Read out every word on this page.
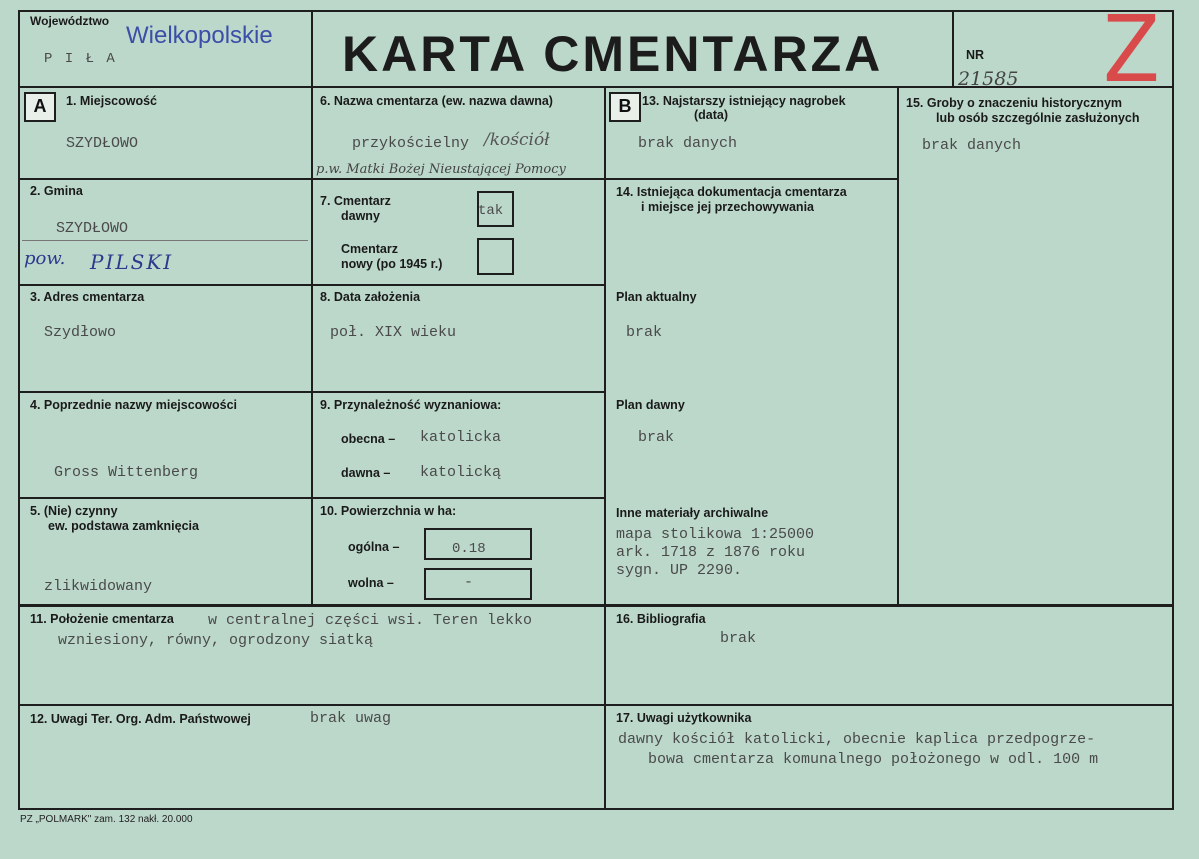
Województwo
Wielkopolskie
P I Ł A	KARTA CMENTARZA	NR
21585 Z
A	1. Miejscowość
SZYDŁOWO
2. Gmina
SZYDŁOWO
pow. PILSKI
3. Adres cmentarza
Szydłowo
4. Poprzednie nazwy miejscowości
Gross Wittenberg
5. (Nie) czynny
ew. podstawa zamknięcia
zlikwidowany
6. Nazwa cmentarza (ew. nazwa dawna)
przykościelny /kościół
p.w. Matki Bożej Nieustającej Pomocy
7. Cmentarz
dawny	tak
Cmentarz
nowy (po 1945 r.)
8. Data założenia
poł. XIX wieku
9. Przynależność wyznaniowa:
obecna – katolicka
dawna – katolicką
10. Powierzchnia w ha:
ogólna –	0.18
wolna –	-
11. Położenie cmentarza w centralnej części wsi. Teren lekko
wzniesiony, równy, ogrodzony siatką
12. Uwagi Ter. Org. Adm. Państwowej	brak uwag
B 13. Najstarszy istniejący nagrobek
(data)
brak danych
14. Istniejąca dokumentacja cmentarza
i miejsce jej przechowywania
Plan aktualny
brak
Plan dawny
brak
Inne materiały archiwalne
mapa stolikowa 1:25000
ark. 1718 z 1876 roku
sygn. UP 2290.
15. Groby o znaczeniu historycznym
lub osób szczególnie zasłużonych
brak danych
16. Bibliografia
brak
17. Uwagi użytkownika
dawny kościół katolicki, obecnie kaplica przedpogrze-
bowa cmentarza komunalnego położonego w odl. 100 m
PZ „POLMARK" zam. 132 nakł. 20.000
